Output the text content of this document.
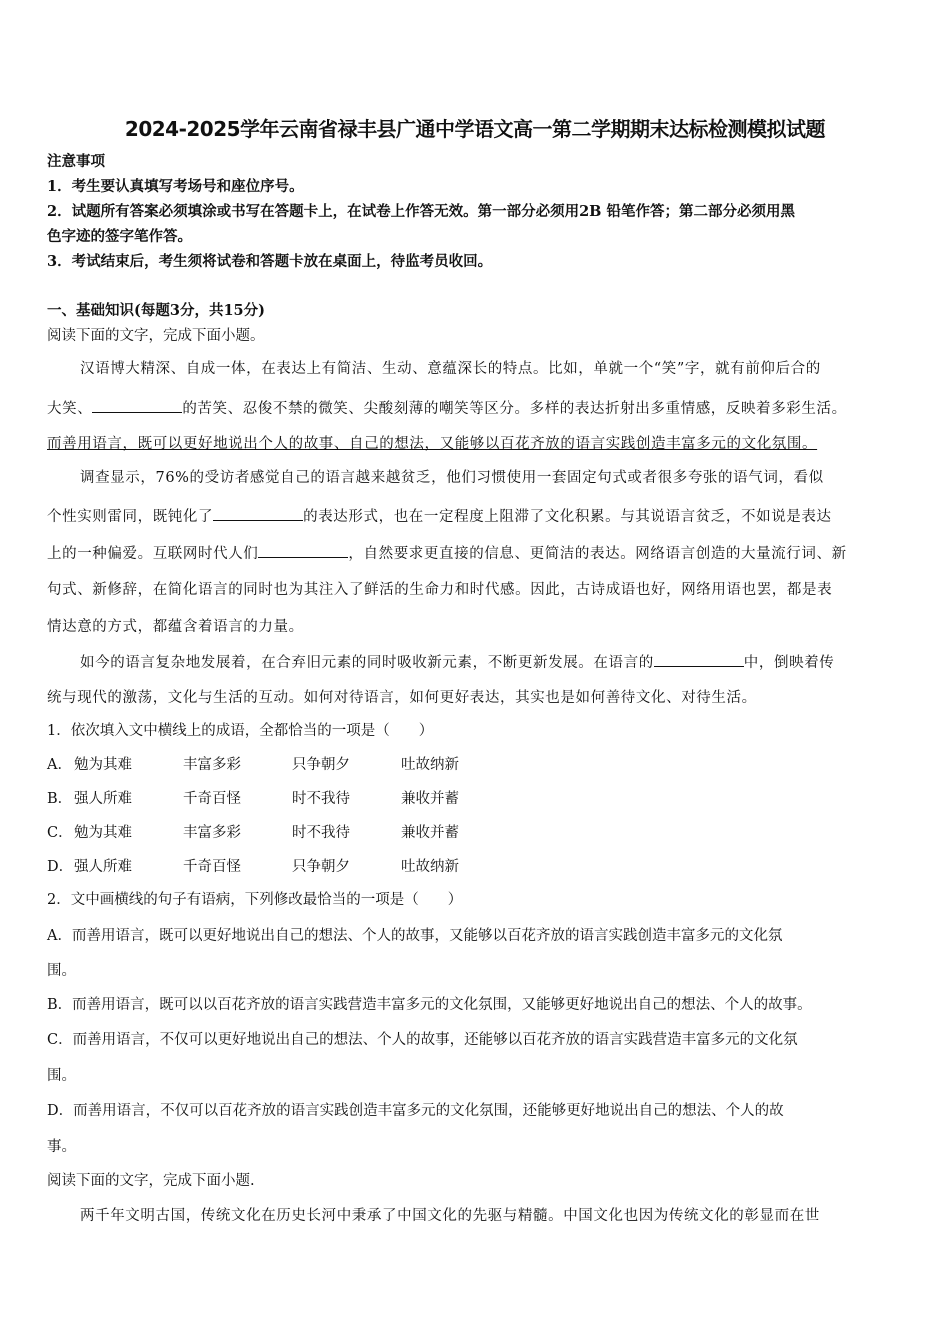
2024-2025学年云南省禄丰县广通中学语文高一第二学期期末达标检测模拟试题
注意事项
1．考生要认真填写考场号和座位序号。
2．试题所有答案必须填涂或书写在答题卡上，在试卷上作答无效。第一部分必须用2B 铅笔作答；第二部分必须用黑
色字迹的签字笔作答。
3．考试结束后，考生须将试卷和答题卡放在桌面上，待监考员收回。
一、基础知识(每题3分，共15分)
阅读下面的文字，完成下面小题。
汉语博大精深、自成一体，在表达上有简洁、生动、意蕴深长的特点。比如，单就一个“笑”字，就有前仰后合的
大笑、	的苦笑、忍俊不禁的微笑、尖酸刻薄的嘲笑等区分。多样的表达折射出多重情感，反映着多彩生活。
而善用语言，既可以更好地说出个人的故事、自己的想法，又能够以百花齐放的语言实践创造丰富多元的文化氛围。
调查显示，76%的受访者感觉自己的语言越来越贫乏，他们习惯使用一套固定句式或者很多夸张的语气词，看似
个性实则雷同，既钝化了	的表达形式，也在一定程度上阻滞了文化积累。与其说语言贫乏，不如说是表达
上的一种偏爱。互联网时代人们	，自然要求更直接的信息、更简洁的表达。网络语言创造的大量流行词、新
句式、新修辞，在简化语言的同时也为其注入了鲜活的生命力和时代感。因此，古诗成语也好，网络用语也罢，都是表
情达意的方式，都蕴含着语言的力量。
如今的语言复杂地发展着，在合弃旧元素的同时吸收新元素，不断更新发展。在语言的	中，倒映着传
统与现代的激荡，文化与生活的互动。如何对待语言，如何更好表达，其实也是如何善待文化、对待生活。
1．依次填入文中横线上的成语，全都恰当的一项是（　　）
A． 勉为其难	丰富多彩	只争朝夕	吐故纳新
B． 强人所难	千奇百怪	时不我待	兼收并蓄
C．勉为其难	丰富多彩	时不我待	兼收并蓄
D．强人所难	千奇百怪	只争朝夕	吐故纳新
2．文中画横线的句子有语病，下列修改最恰当的一项是（　　）
A．而善用语言，既可以更好地说出自己的想法、个人的故事，又能够以百花齐放的语言实践创造丰富多元的文化氛
围。
B．而善用语言，既可以以百花齐放的语言实践营造丰富多元的文化氛围，又能够更好地说出自己的想法、个人的故事。
C．而善用语言，不仅可以更好地说出自己的想法、个人的故事，还能够以百花齐放的语言实践营造丰富多元的文化氛
围。
D．而善用语言，不仅可以百花齐放的语言实践创造丰富多元的文化氛围，还能够更好地说出自己的想法、个人的故
事。
阅读下面的文字，完成下面小题.
两千年文明古国，传统文化在历史长河中秉承了中国文化的先驱与精髓。中国文化也因为传统文化的彰显而在世
